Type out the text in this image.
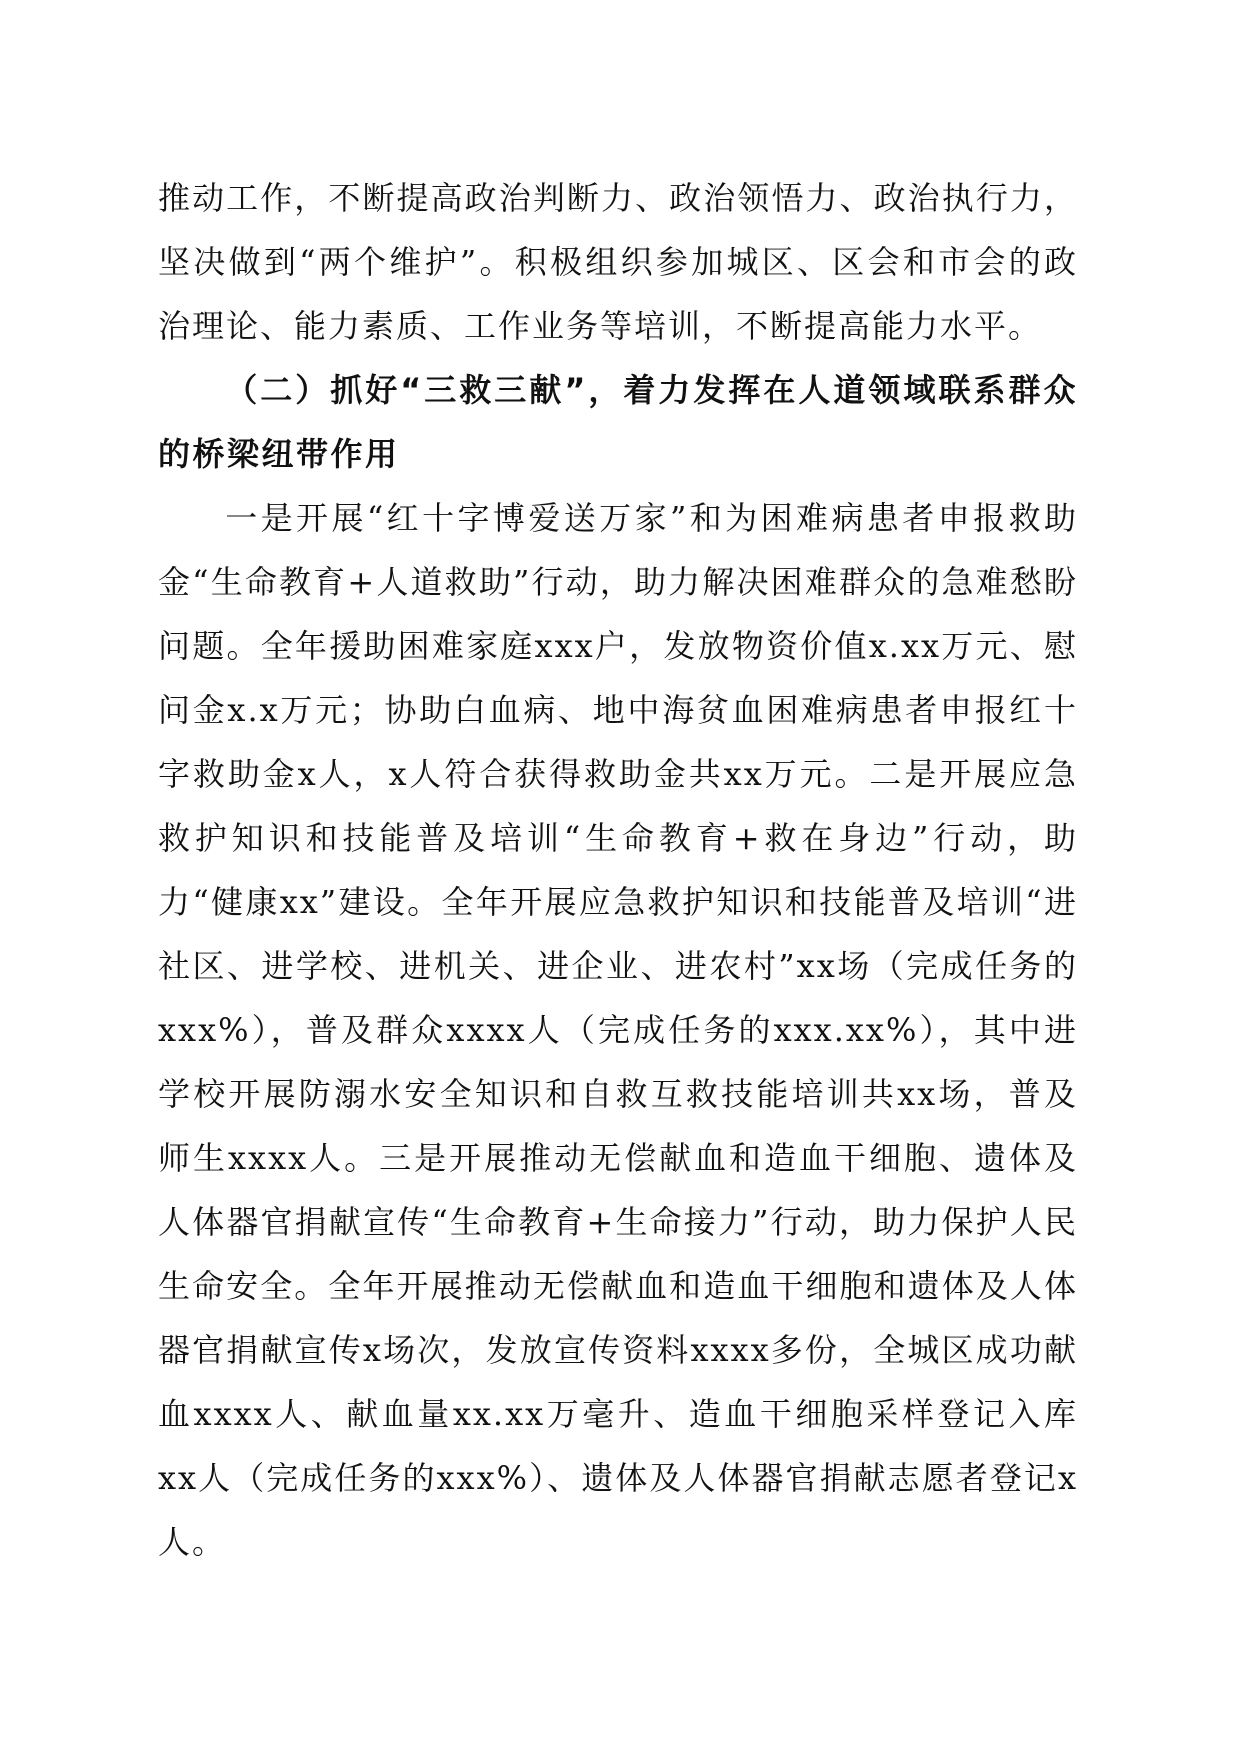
推动工作，不断提高政治判断力、政治领悟力、政治执行力，坚决做到“两个维护”。积极组织参加城区、区会和市会的政治理论、能力素质、工作业务等培训，不断提高能力水平。

（二）抓好“三救三献”，着力发挥在人道领域联系群众的桥梁纽带作用

一是开展“红十字博爱送万家”和为困难病患者申报救助金“生命教育+人道救助”行动，助力解决困难群众的急难愁盼问题。全年援助困难家庭xxx户，发放物资价值x.xx万元、慰问金x.x万元；协助白血病、地中海贫血困难病患者申报红十字救助金x人，x人符合获得救助金共xx万元。二是开展应急救护知识和技能普及培训“生命教育+救在身边”行动，助力“健康xx”建设。全年开展应急救护知识和技能普及培训“进社区、进学校、进机关、进企业、进农村”xx场（完成任务的xxx%），普及群众xxxx人（完成任务的xxx.xx%），其中进学校开展防溺水安全知识和自救互救技能培训共xx场，普及师生xxxx人。三是开展推动无偿献血和造血干细胞、遗体及人体器官捐献宣传“生命教育+生命接力”行动，助力保护人民生命安全。全年开展推动无偿献血和造血干细胞和遗体及人体器官捐献宣传x场次，发放宣传资料xxxx多份，全城区成功献血xxxx人、献血量xx.xx万毫升、造血干细胞采样登记入库xx人（完成任务的xxx%）、遗体及人体器官捐献志愿者登记x人。
